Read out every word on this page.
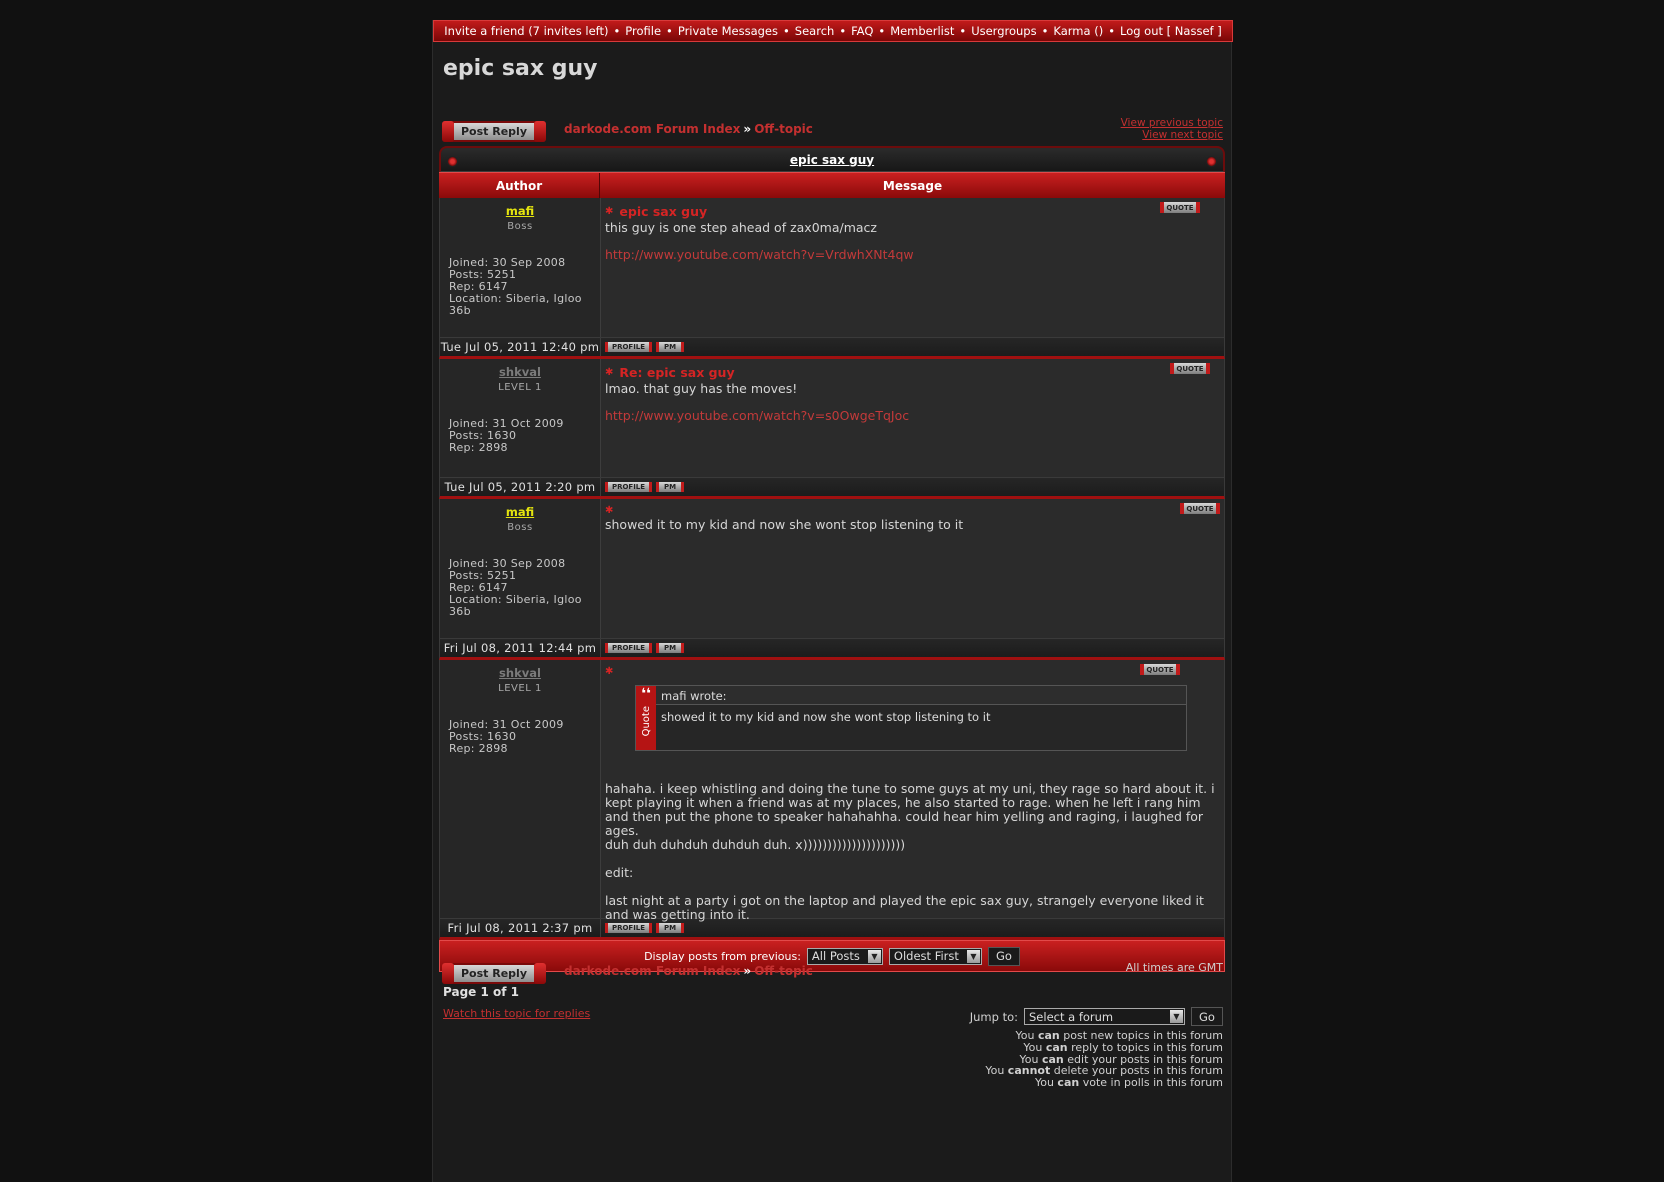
Invite a friend (7 invites left) • Profile • Private Messages • Search • FAQ • Memberlist • Usergroups • Karma () • Log out [ Nassef ]
epic sax guy
Post Reply	darkode.com Forum Index » Off-topic	View previous topic
View next topic
epic sax guy
Author	Message
mafi
Boss
Joined: 30 Sep 2008
Posts: 5251
Rep: 6147
Location: Siberia, Igloo 36b
✱ epic sax guy	QUOTE
this guy is one step ahead of zax0ma/macz
http://www.youtube.com/watch?v=VrdwhXNt4qw
Tue Jul 05, 2011 12:40 pm	PROFILE	PM
shkval
LEVEL 1
Joined: 31 Oct 2009
Posts: 1630
Rep: 2898
✱ Re: epic sax guy	QUOTE
lmao. that guy has the moves!
http://www.youtube.com/watch?v=s0OwgeTqJoc
Tue Jul 05, 2011 2:20 pm	PROFILE	PM
mafi
Boss
Joined: 30 Sep 2008
Posts: 5251
Rep: 6147
Location: Siberia, Igloo 36b
✱	QUOTE
showed it to my kid and now she wont stop listening to it
Fri Jul 08, 2011 12:44 pm	PROFILE	PM
shkval
LEVEL 1
Joined: 31 Oct 2009
Posts: 1630
Rep: 2898
✱	QUOTE
❛❛
Quote
mafi wrote:
showed it to my kid and now she wont stop listening to it
hahaha. i keep whistling and doing the tune to some guys at my uni, they rage so hard about it. i kept playing it when a friend was at my places, he also started to rage. when he left i rang him and then put the phone to speaker hahahahha. could hear him yelling and raging, i laughed for ages.
duh duh duhduh duhduh duh. x)))))))))))))))))))))
edit:
last night at a party i got on the laptop and played the epic sax guy, strangely everyone liked it and was getting into it.
Fri Jul 08, 2011 2:37 pm	PROFILE	PM
Display posts from previous: All Posts	▼ Oldest First	▼	Go
Post Reply	darkode.com Forum Index » Off-topic	All times are GMT
Page 1 of 1
Watch this topic for replies	Jump to: Select a forum	▼	Go
You can post new topics in this forum
You can reply to topics in this forum
You can edit your posts in this forum
You cannot delete your posts in this forum
You can vote in polls in this forum
